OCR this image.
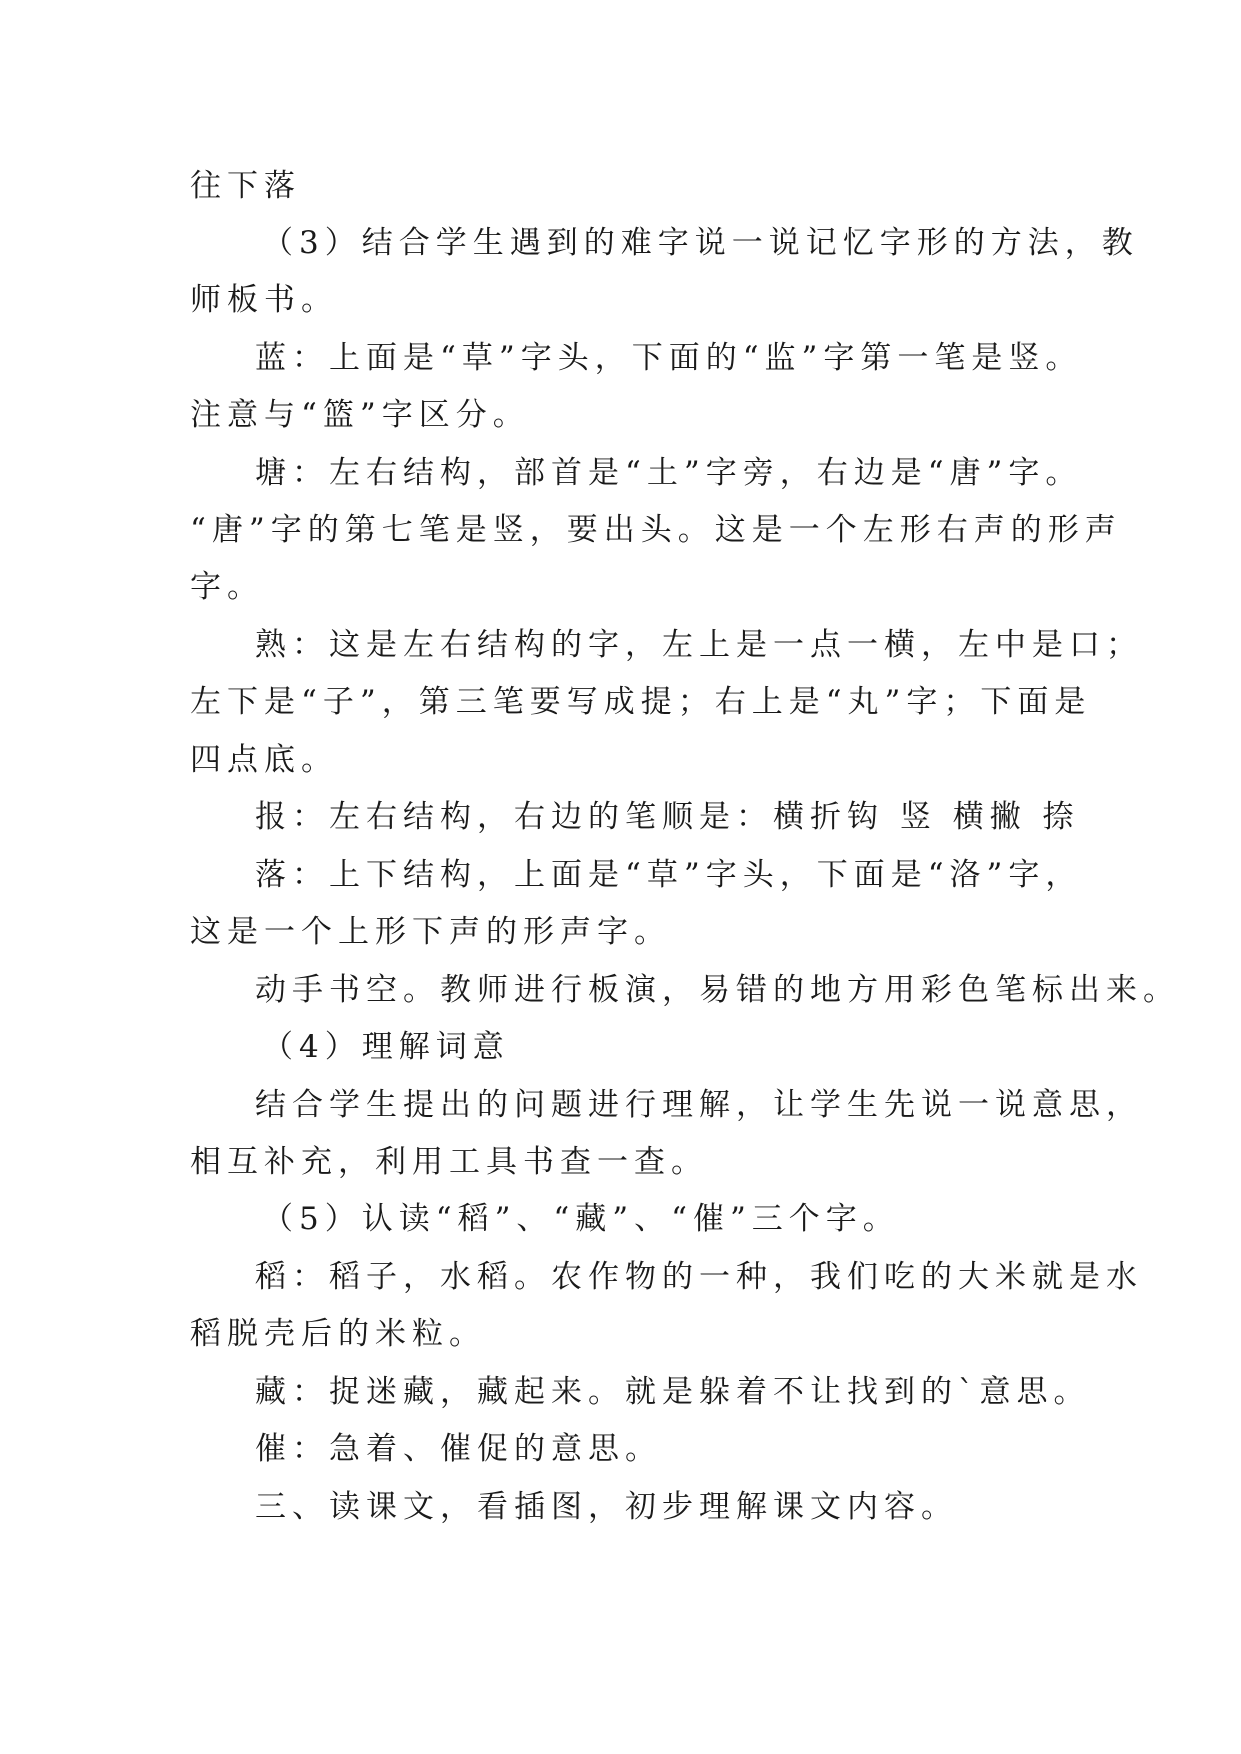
往下落
（3）结合学生遇到的难字说一说记忆字形的方法，教
师板书。
蓝：上面是“草”字头，下面的“监”字第一笔是竖。
注意与“篮”字区分。
塘：左右结构，部首是“土”字旁，右边是“唐”字。
“唐”字的第七笔是竖，要出头。这是一个左形右声的形声
字。
熟：这是左右结构的字，左上是一点一横，左中是口；
左下是“子”，第三笔要写成提；右上是“丸”字；下面是
四点底。
报：左右结构，右边的笔顺是：横折钩 竖 横撇 捺
落：上下结构，上面是“草”字头，下面是“洛”字，
这是一个上形下声的形声字。
动手书空。教师进行板演，易错的地方用彩色笔标出来。
（4）理解词意
结合学生提出的问题进行理解，让学生先说一说意思，
相互补充，利用工具书查一查。
（5）认读“稻”、“藏”、“催”三个字。
稻：稻子，水稻。农作物的一种，我们吃的大米就是水
稻脱壳后的米粒。
藏：捉迷藏，藏起来。就是躲着不让找到的`意思。
催：急着、催促的意思。
三、读课文，看插图，初步理解课文内容。
